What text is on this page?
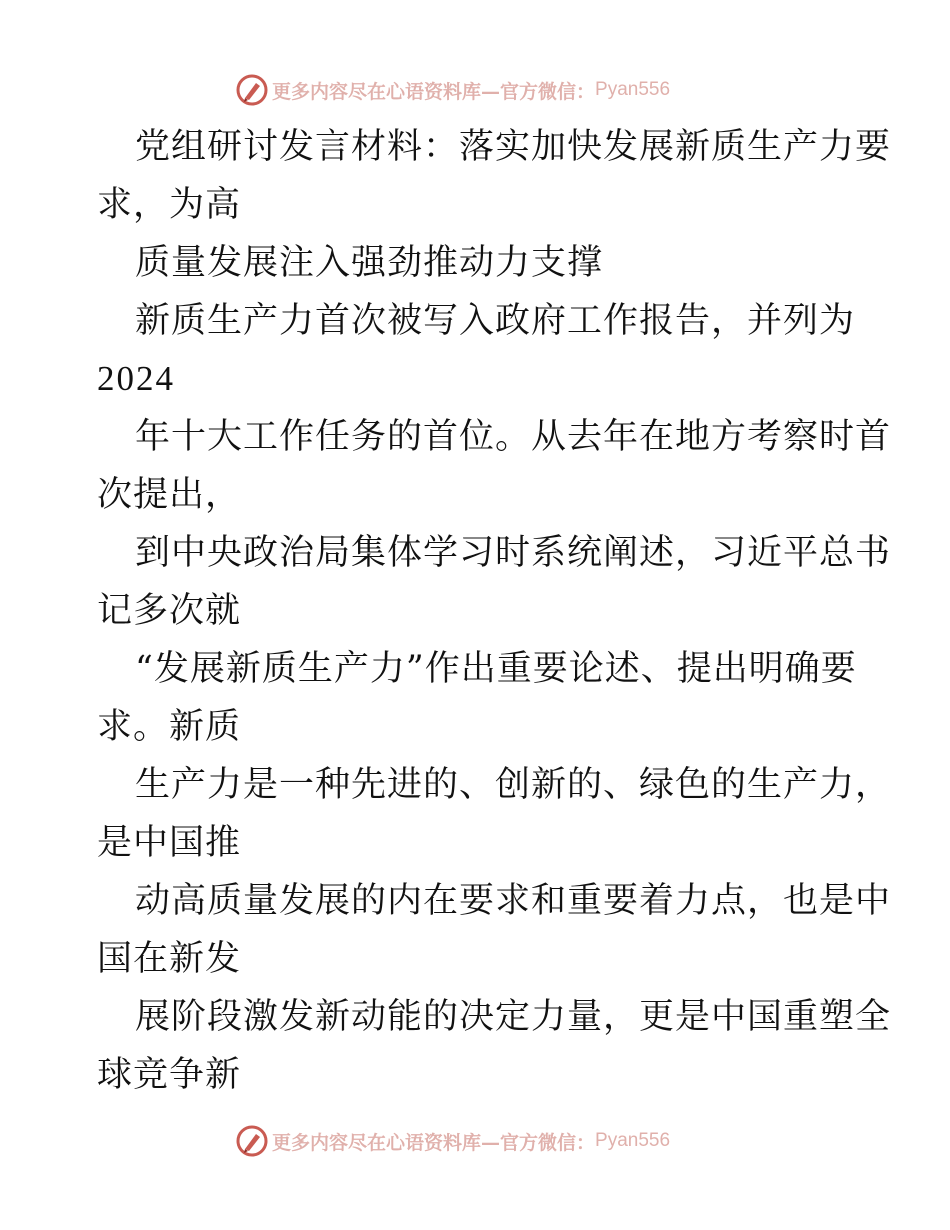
更多内容尽在心语资料库—官方微信： Pyan556
党组研讨发言材料：落实加快发展新质生产力要
求，为高
质量发展注入强劲推动力支撑
新质生产力首次被写入政府工作报告，并列为
2024
年十大工作任务的首位。从去年在地方考察时首
次提出，
到中央政治局集体学习时系统阐述，习近平总书
记多次就
“发展新质生产力”作出重要论述、提出明确要
求。新质
生产力是一种先进的、创新的、绿色的生产力，
是中国推
动高质量发展的内在要求和重要着力点，也是中
国在新发
展阶段激发新动能的决定力量，更是中国重塑全
球竞争新
更多内容尽在心语资料库—官方微信： Pyan556
